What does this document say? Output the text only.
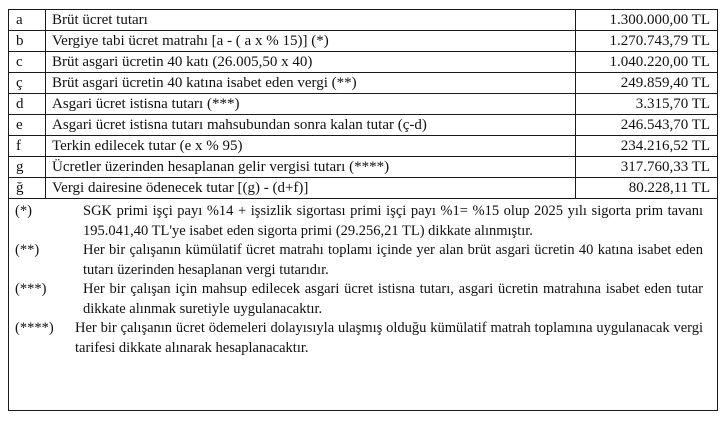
a	Brüt ücret tutarı	1.300.000,00 TL
b	Vergiye tabi ücret matrahı [a - ( a x % 15)] (*)	1.270.743,79 TL
c	Brüt asgari ücretin 40 katı (26.005,50 x 40)	1.040.220,00 TL
ç	Brüt asgari ücretin 40 katına isabet eden vergi (**)	249.859,40 TL
d	Asgari ücret istisna tutarı (***)	3.315,70 TL
e	Asgari ücret istisna tutarı mahsubundan sonra kalan tutar (ç-d)	246.543,70 TL
f	Terkin edilecek tutar (e x % 95)	234.216,52 TL
g	Ücretler üzerinden hesaplanan gelir vergisi tutarı (****)	317.760,33 TL
ğ	Vergi dairesine ödenecek tutar [(g) - (d+f)]	80.228,11 TL
(*)	SGK primi işçi payı %14 + işsizlik sigortası primi işçi payı %1= %15 olup 2025 yılı sigorta prim tavanı 195.041,40 TL'ye isabet eden sigorta primi (29.256,21 TL) dikkate alınmıştır.
(**)	Her bir çalışanın kümülatif ücret matrahı toplamı içinde yer alan brüt asgari ücretin 40 katına isabet eden tutarı üzerinden hesaplanan vergi tutarıdır.
(***)	Her bir çalışan için mahsup edilecek asgari ücret istisna tutarı, asgari ücretin matrahına isabet eden tutar dikkate alınmak suretiyle uygulanacaktır.
(****)	Her bir çalışanın ücret ödemeleri dolayısıyla ulaşmış olduğu kümülatif matrah toplamına uygulanacak vergi tarifesi dikkate alınarak hesaplanacaktır.
